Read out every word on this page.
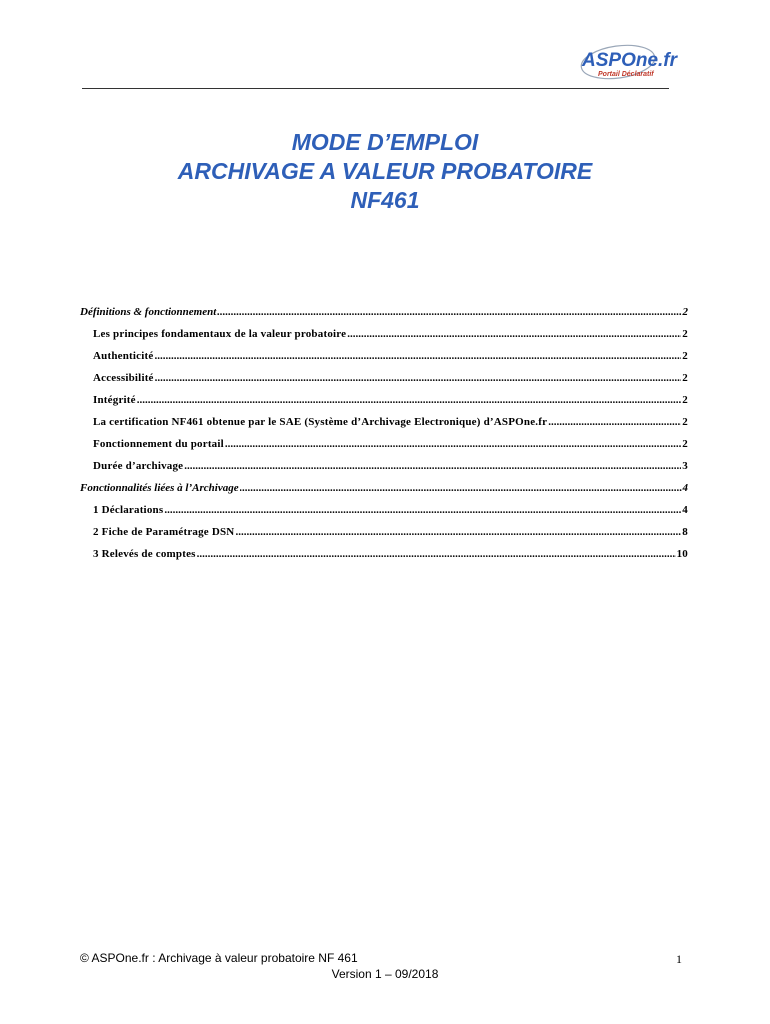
ASPOne.fr
Portail Déclaratif
MODE D’EMPLOI
ARCHIVAGE A VALEUR PROBATOIRE
NF461
Définitions & fonctionnement .....	2
Les principes fondamentaux de la valeur probatoire .....	2
Authenticité .....	2
Accessibilité .....	2
Intégrité .....	2
La certification NF461 obtenue par le SAE (Système d’Archivage Electronique) d’ASPOne.fr .....	2
Fonctionnement du portail .....	2
Durée d’archivage .....	3
Fonctionnalités liées à l’Archivage .....	4
1 Déclarations .....	4
2 Fiche de Paramétrage DSN .....	8
3 Relevés de comptes .....	10
© ASPOne.fr : Archivage à valeur probatoire NF 461	1
Version 1 – 09/2018
